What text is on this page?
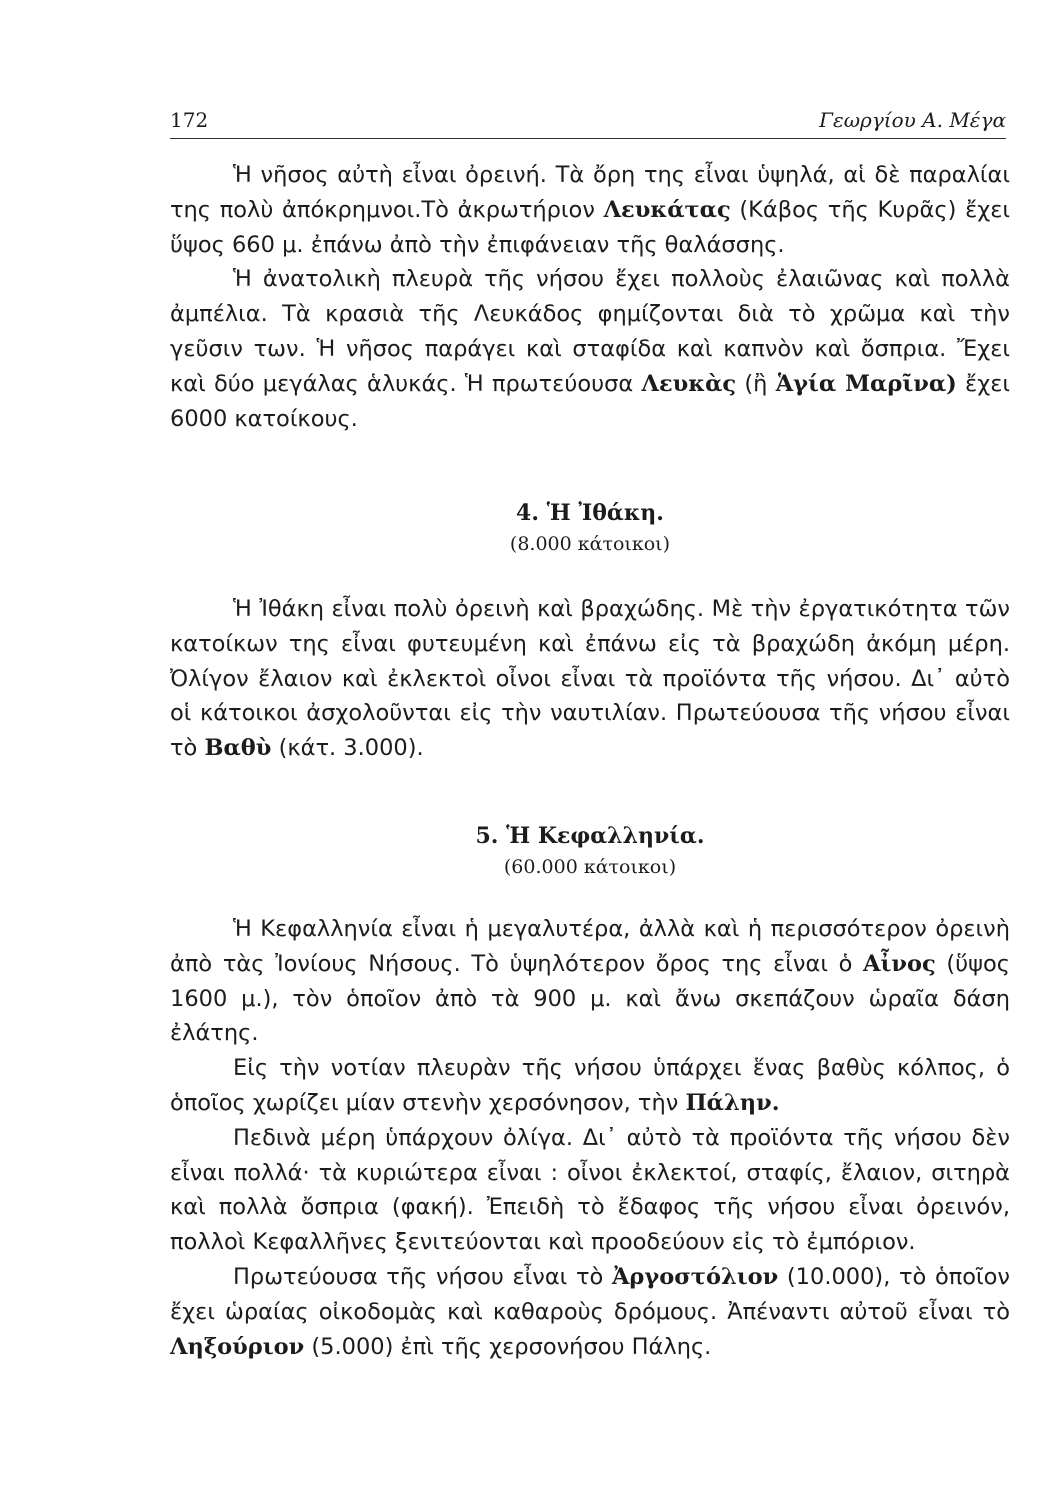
172	Γεωργίου Α. Μέγα

Ἡ νῆσος αὐτὴ εἶναι ὀρεινή. Τὰ ὄρη της εἶναι ὑψηλά, αἱ δὲ παραλίαι της πολὺ ἀπόκρημνοι.Τὸ ἀκρωτήριον Λευκάτας (Κάβος τῆς Κυρᾶς) ἔχει ὕψος 660 μ. ἐπάνω ἀπὸ τὴν ἐπιφάνειαν τῆς θαλάσσης.

Ἡ ἀνατολικὴ πλευρὰ τῆς νήσου ἔχει πολλοὺς ἐλαιῶνας καὶ πολλὰ ἀμπέλια. Τὰ κρασιὰ τῆς Λευκάδος φημίζονται διὰ τὸ χρῶμα καὶ τὴν γεῦσιν των. Ἡ νῆσος παράγει καὶ σταφίδα καὶ καπνὸν καὶ ὄσπρια. Ἔχει καὶ δύο μεγάλας ἁλυκάς. Ἡ πρωτεύουσα Λευκὰς (ἢ Ἁγία Μαρῖνα) ἔχει 6000 κατοίκους.

4. Ἡ Ἰθάκη.
(8.000 κάτοικοι)

Ἡ Ἰθάκη εἶναι πολὺ ὀρεινὴ καὶ βραχώδης. Μὲ τὴν ἐργατικότητα τῶν κατοίκων της εἶναι φυτευμένη καὶ ἐπάνω εἰς τὰ βραχώδη ἀκόμη μέρη. Ὀλίγον ἔλαιον καὶ ἐκλεκτοὶ οἶνοι εἶναι τὰ προϊόντα τῆς νήσου. Δι᾽ αὐτὸ οἱ κάτοικοι ἀσχολοῦνται εἰς τὴν ναυτιλίαν. Πρωτεύουσα τῆς νήσου εἶναι τὸ Βαθὺ (κάτ. 3.000).

5. Ἡ Κεφαλληνία.
(60.000 κάτοικοι)

Ἡ Κεφαλληνία εἶναι ἡ μεγαλυτέρα, ἀλλὰ καὶ ἡ περισσότερον ὀρεινὴ ἀπὸ τὰς Ἰονίους Νήσους. Τὸ ὑψηλότερον ὄρος της εἶναι ὁ Αἶνος (ὕψος 1600 μ.), τὸν ὁποῖον ἀπὸ τὰ 900 μ. καὶ ἄνω σκεπάζουν ὡραῖα δάση ἐλάτης.

Εἰς τὴν νοτίαν πλευρὰν τῆς νήσου ὑπάρχει ἕνας βαθὺς κόλπος, ὁ ὁποῖος χωρίζει μίαν στενὴν χερσόνησον, τὴν Πάλην.

Πεδινὰ μέρη ὑπάρχουν ὀλίγα. Δι᾽ αὐτὸ τὰ προϊόντα τῆς νήσου δὲν εἶναι πολλά· τὰ κυριώτερα εἶναι : οἶνοι ἐκλεκτοί, σταφίς, ἔλαιον, σιτηρὰ καὶ πολλὰ ὄσπρια (φακή). Ἐπειδὴ τὸ ἔδαφος τῆς νήσου εἶναι ὀρεινόν, πολλοὶ Κεφαλλῆνες ξενιτεύονται καὶ προοδεύουν εἰς τὸ ἐμπόριον.

Πρωτεύουσα τῆς νήσου εἶναι τὸ Ἀργοστόλιον (10.000), τὸ ὁποῖον ἔχει ὡραίας οἰκοδομὰς καὶ καθαροὺς δρόμους. Ἀπέναντι αὐτοῦ εἶναι τὸ Ληξούριον (5.000) ἐπὶ τῆς χερσονήσου Πάλης.
